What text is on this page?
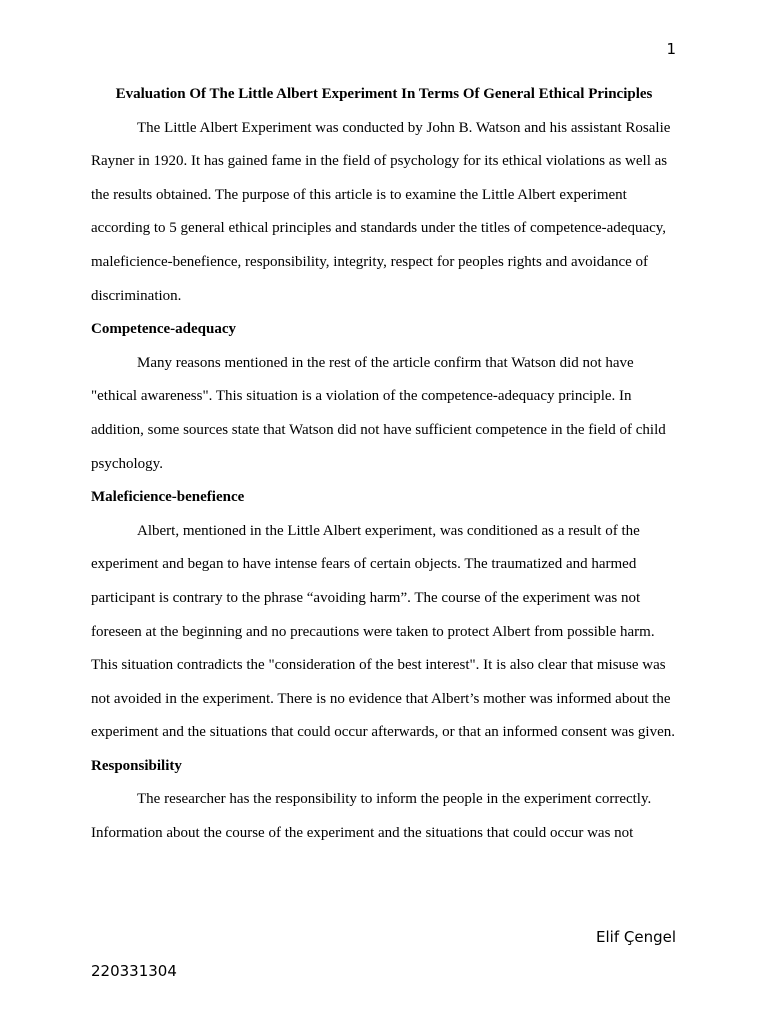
1

Evaluation Of The Little Albert Experiment In Terms Of General Ethical Principles

The Little Albert Experiment was conducted by John B. Watson and his assistant Rosalie Rayner in 1920. It has gained fame in the field of psychology for its ethical violations as well as the results obtained. The purpose of this article is to examine the Little Albert experiment according to 5 general ethical principles and standards under the titles of competence-adequacy, maleficience-benefience, responsibility, integrity, respect for peoples rights and avoidance of discrimination.

Competence-adequacy

Many reasons mentioned in the rest of the article confirm that Watson did not have "ethical awareness". This situation is a violation of the competence-adequacy principle. In addition, some sources state that Watson did not have sufficient competence in the field of child psychology.

Maleficience-benefience

Albert, mentioned in the Little Albert experiment, was conditioned as a result of the experiment and began to have intense fears of certain objects. The traumatized and harmed participant is contrary to the phrase “avoiding harm”. The course of the experiment was not foreseen at the beginning and no precautions were taken to protect Albert from possible harm. This situation contradicts the "consideration of the best interest". It is also clear that misuse was not avoided in the experiment. There is no evidence that Albert’s mother was informed about the experiment and the situations that could occur afterwards, or that an informed consent was given.

Responsibility

The researcher has the responsibility to inform the people in the experiment correctly. Information about the course of the experiment and the situations that could occur was not

Elif Çengel
220331304
